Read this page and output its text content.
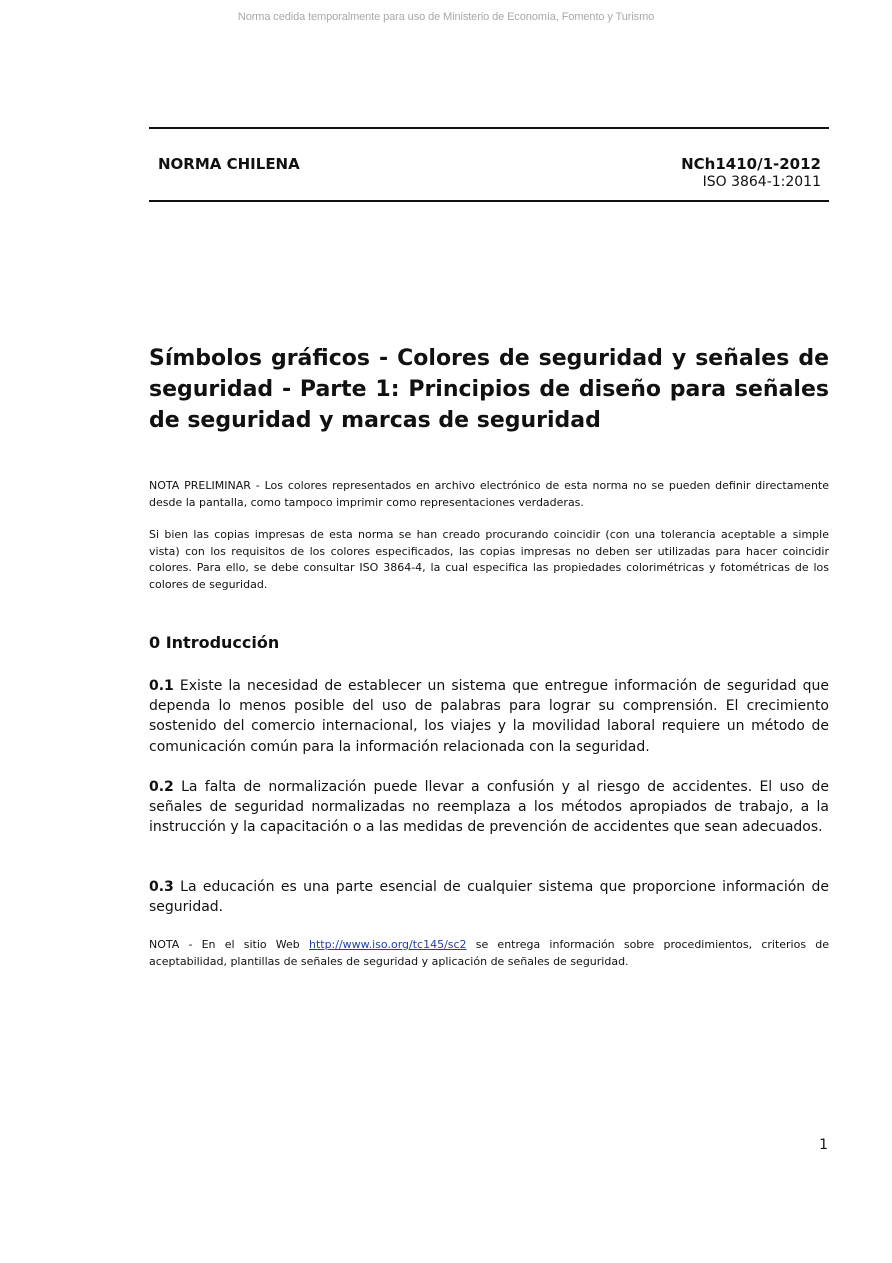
Norma cedida temporalmente para uso de Ministerio de Economía, Fomento y Turismo
NORMA CHILENA	NCh1410/1-2012
ISO 3864-1:2011
Símbolos gráficos - Colores de seguridad y señales de seguridad - Parte 1: Principios de diseño para señales de seguridad y marcas de seguridad

NOTA PRELIMINAR - Los colores representados en archivo electrónico de esta norma no se pueden definir directamente desde la pantalla, como tampoco imprimir como representaciones verdaderas.

Si bien las copias impresas de esta norma se han creado procurando coincidir (con una tolerancia aceptable a simple vista) con los requisitos de los colores especificados, las copias impresas no deben ser utilizadas para hacer coincidir colores. Para ello, se debe consultar ISO 3864-4, la cual especifica las propiedades colorimétricas y fotométricas de los colores de seguridad.

0 Introducción

0.1 Existe la necesidad de establecer un sistema que entregue información de seguridad que dependa lo menos posible del uso de palabras para lograr su comprensión. El crecimiento sostenido del comercio internacional, los viajes y la movilidad laboral requiere un método de comunicación común para la información relacionada con la seguridad.

0.2 La falta de normalización puede llevar a confusión y al riesgo de accidentes. El uso de señales de seguridad normalizadas no reemplaza a los métodos apropiados de trabajo, a la instrucción y la capacitación o a las medidas de prevención de accidentes que sean adecuados.

0.3 La educación es una parte esencial de cualquier sistema que proporcione información de seguridad.

NOTA - En el sitio Web http://www.iso.org/tc145/sc2 se entrega información sobre procedimientos, criterios de aceptabilidad, plantillas de señales de seguridad y aplicación de señales de seguridad.

1
